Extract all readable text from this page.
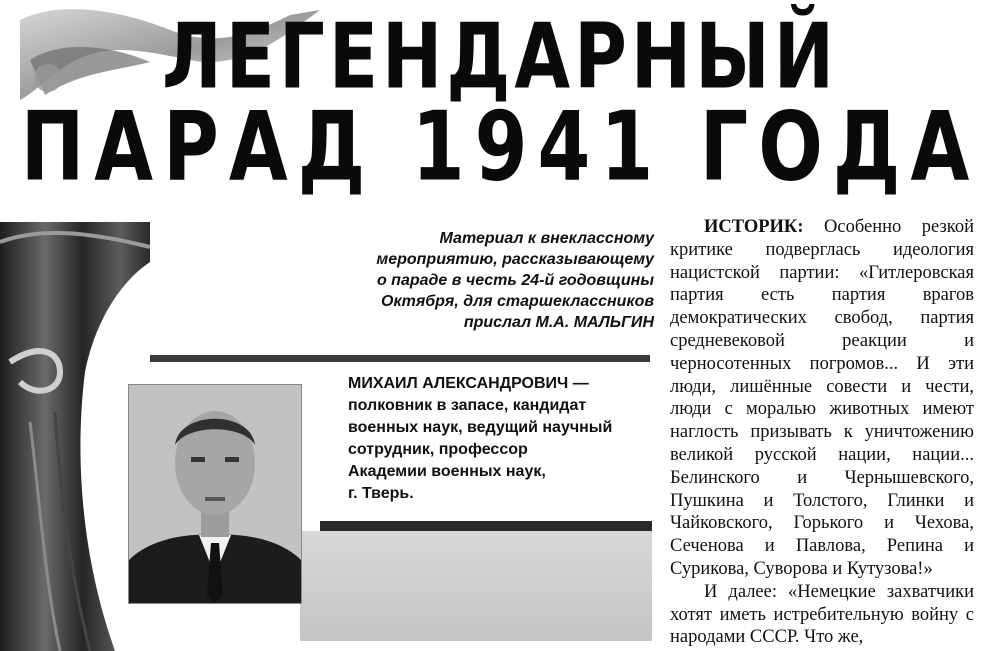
ЛЕГЕНДАРНЫЙ
ПАРАД 1941 ГОДА
Материал к внеклассному
мероприятию, рассказывающему
о параде в честь 24-й годовщины
Октября, для старшеклассников
прислал М.А. МАЛЬГИН
МИХАИЛ АЛЕКСАНДРОВИЧ —
полковник в запасе, кандидат
военных наук, ведущий научный
сотрудник, профессор
Академии военных наук,
г. Тверь.

ИСТОРИК: Особенно резкой критике подверглась идеология нацистской партии: «Гитлеровская партия есть партия врагов демократических свобод, партия средневековой реакции и черносотенных погромов... И эти люди, лишённые совести и чести, люди с моралью животных имеют наглость призывать к уничтожению великой русской нации, нации... Белинского и Чернышевского, Пушкина и Толстого, Глинки и Чайковского, Горького и Чехова, Сеченова и Павлова, Репина и Сурикова, Суворова и Кутузова!»

И далее: «Немецкие захватчики хотят иметь истребительную войну с народами СССР. Что же,
